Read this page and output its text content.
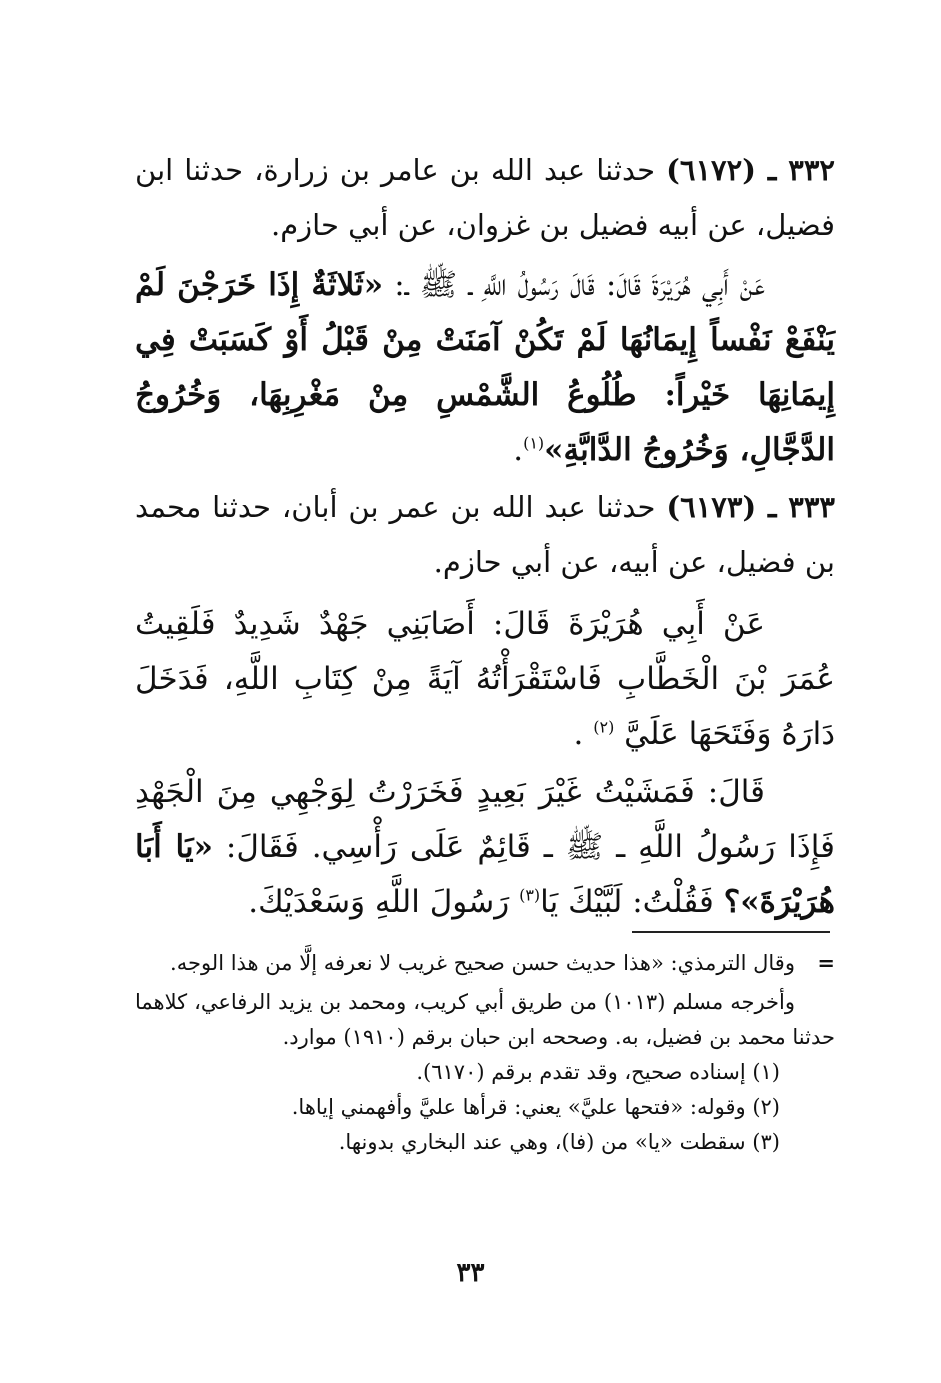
٣٣٢ ـ (٦١٧٢) حدثنا عبد الله بن عامر بن زرارة، حدثنا ابن فضيل، عن أبيه فضيل بن غزوان، عن أبي حازم.
عَنْ أَبِي هُرَيْرَةَ قَالَ: قَالَ رَسُولُ اللَّهِ ـ ﷺ ـ: «ثَلاثَةٌ إِذَا خَرَجْنَ لَمْ يَنْفَعْ نَفْساً إِيمَانُهَا لَمْ تَكُنْ آمَنَتْ مِنْ قَبْلُ أَوْ كَسَبَتْ فِي إِيمَانِهَا خَيْراً: طُلُوعُ الشَّمْسِ مِنْ مَغْرِبِهَا، وَخُرُوجُ الدَّجَّالِ، وَخُرُوجُ الدَّابَّةِ»$^{(١)}$.
٣٣٣ ـ (٦١٧٣) حدثنا عبد الله بن عمر بن أبان، حدثنا محمد بن فضيل، عن أبيه، عن أبي حازم.
عَنْ أَبِي هُرَيْرَةَ قَالَ: أَصَابَنِي جَهْدٌ شَدِيدٌ فَلَقِيتُ عُمَرَ بْنَ الْخَطَّابِ فَاسْتَقْرَأْتُهُ آيَةً مِنْ كِتَابِ اللَّهِ، فَدَخَلَ دَارَهُ وَفَتَحَهَا عَلَيَّ $^{(٢)}$ .
قَالَ: فَمَشَيْتُ غَيْرَ بَعِيدٍ فَخَرَرْتُ لِوَجْهِي مِنَ الْجَهْدِ فَإِذَا رَسُولُ اللَّهِ ـ ﷺ ـ قَائِمٌ عَلَى رَأْسِي. فَقَالَ: «يَا أَبَا هُرَيْرَةَ»؟ فَقُلْتُ: لَبَّيْكَ يَا$^{(٣)}$ رَسُولَ اللَّهِ وَسَعْدَيْكَ.

=وقال الترمذي: «هذا حديث حسن صحيح غريب لا نعرفه إلَّا من هذا الوجه.

وأخرجه مسلم (١٠١٣) من طريق أبي كريب، ومحمد بن يزيد الرفاعي، كلاهما حدثنا محمد بن فضيل، به. وصححه ابن حبان برقم (١٩١٠) موارد.

(١) إسناده صحيح، وقد تقدم برقم (٦١٧٠).

(٢) وقوله: «فتحها عليَّ» يعني: قرأها عليَّ وأفهمني إياها.

(٣) سقطت «يا» من (فا)، وهي عند البخاري بدونها.

٣٣
